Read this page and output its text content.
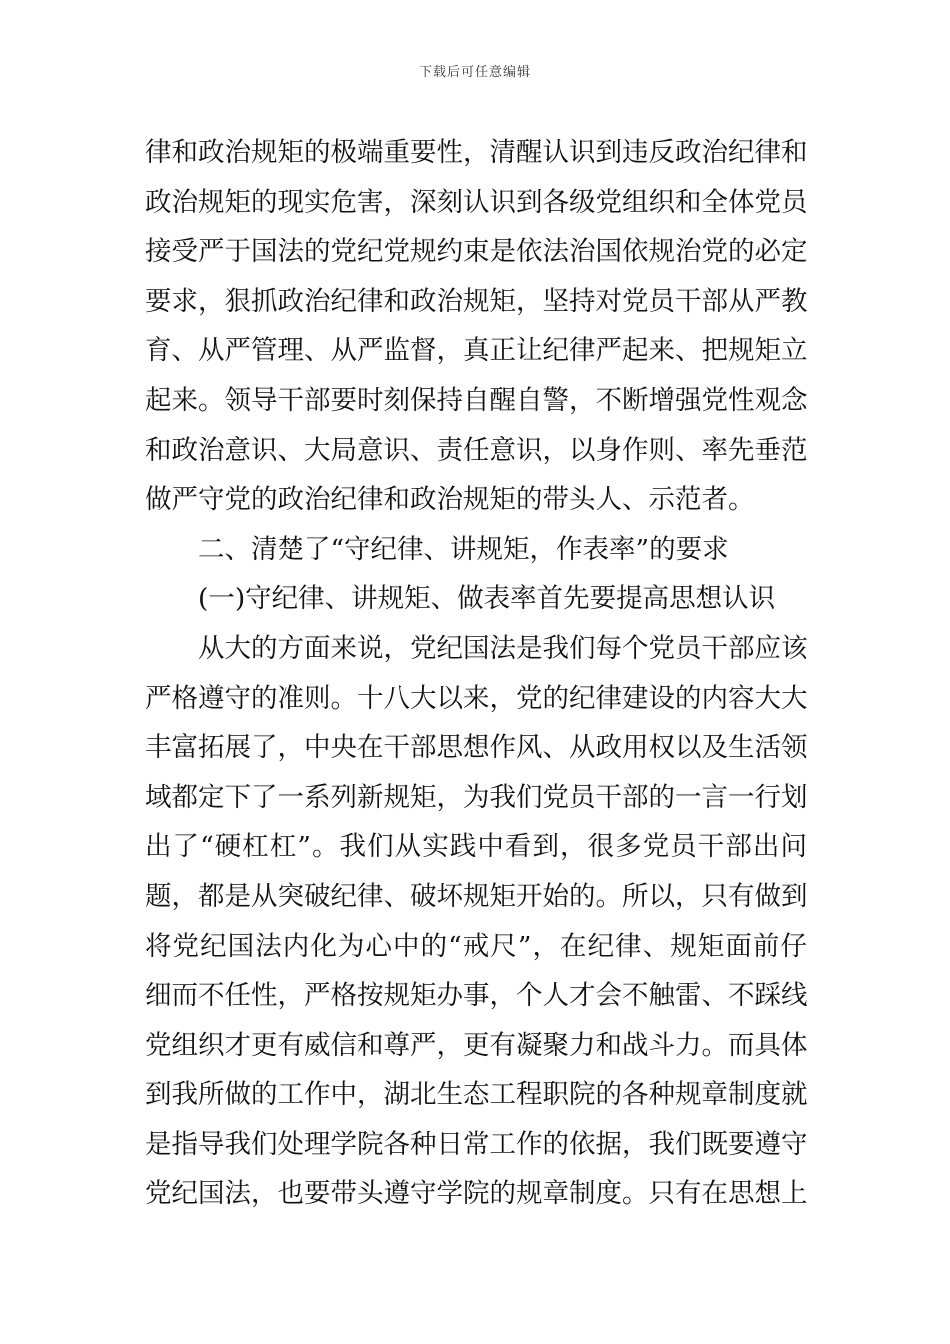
下载后可任意编辑
律和政治规矩的极端重要性，清醒认识到违反政治纪律和
政治规矩的现实危害，深刻认识到各级党组织和全体党员
接受严于国法的党纪党规约束是依法治国依规治党的必定
要求，狠抓政治纪律和政治规矩，坚持对党员干部从严教
育、从严管理、从严监督，真正让纪律严起来、把规矩立
起来。领导干部要时刻保持自醒自警，不断增强党性观念
和政治意识、大局意识、责任意识，以身作则、率先垂范
做严守党的政治纪律和政治规矩的带头人、示范者。
二、清楚了“守纪律、讲规矩，作表率”的要求
(一)守纪律、讲规矩、做表率首先要提高思想认识
从大的方面来说，党纪国法是我们每个党员干部应该
严格遵守的准则。十八大以来，党的纪律建设的内容大大
丰富拓展了，中央在干部思想作风、从政用权以及生活领
域都定下了一系列新规矩，为我们党员干部的一言一行划
出了“硬杠杠”。我们从实践中看到，很多党员干部出问
题，都是从突破纪律、破坏规矩开始的。所以，只有做到
将党纪国法内化为心中的“戒尺”，在纪律、规矩面前仔
细而不任性，严格按规矩办事，个人才会不触雷、不踩线
党组织才更有威信和尊严，更有凝聚力和战斗力。而具体
到我所做的工作中，湖北生态工程职院的各种规章制度就
是指导我们处理学院各种日常工作的依据，我们既要遵守
党纪国法，也要带头遵守学院的规章制度。只有在思想上
